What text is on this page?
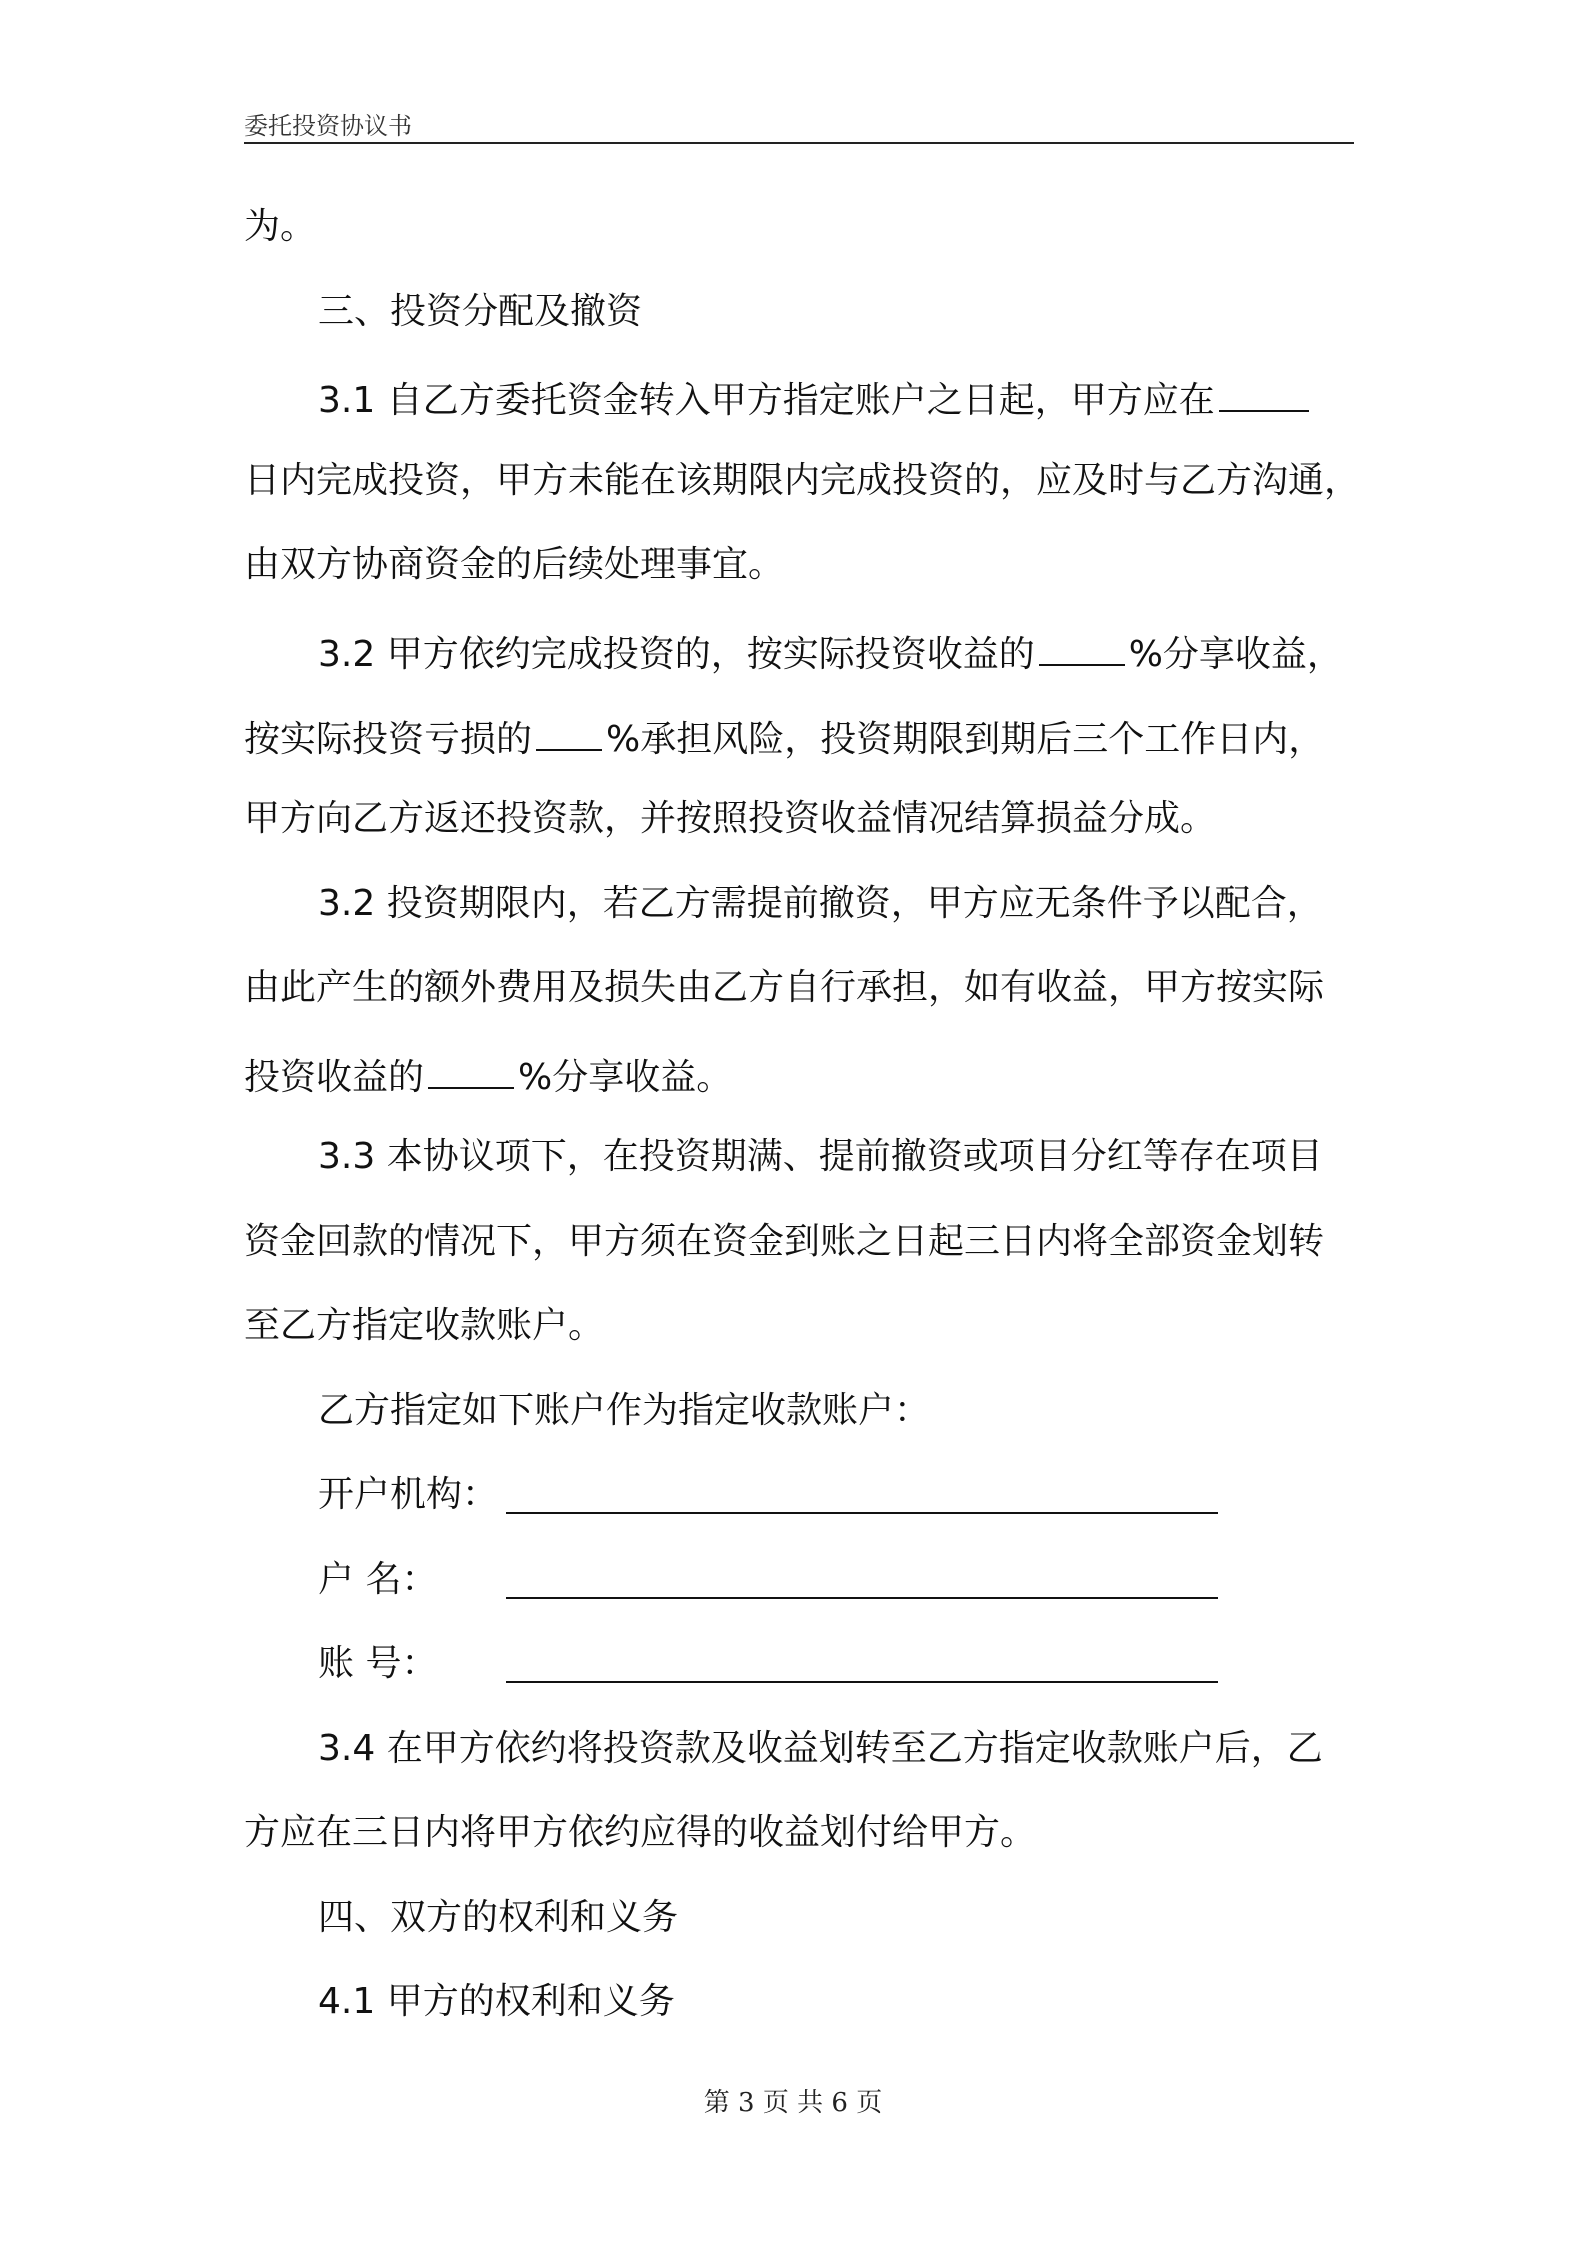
委托投资协议书
为。
三、投资分配及撤资
3.1 自乙方委托资金转入甲方指定账户之日起，甲方应在
日内完成投资，甲方未能在该期限内完成投资的，应及时与乙方沟通，
由双方协商资金的后续处理事宜。
3.2 甲方依约完成投资的，按实际投资收益的	%分享收益，
按实际投资亏损的 %承担风险，投资期限到期后三个工作日内，
甲方向乙方返还投资款，并按照投资收益情况结算损益分成。
3.2 投资期限内，若乙方需提前撤资，甲方应无条件予以配合，
由此产生的额外费用及损失由乙方自行承担，如有收益，甲方按实际
投资收益的	%分享收益。
3.3 本协议项下，在投资期满、提前撤资或项目分红等存在项目
资金回款的情况下，甲方须在资金到账之日起三日内将全部资金划转
至乙方指定收款账户。
乙方指定如下账户作为指定收款账户：
开户机构：
户 名：
账 号：
3.4 在甲方依约将投资款及收益划转至乙方指定收款账户后，乙
方应在三日内将甲方依约应得的收益划付给甲方。
四、双方的权利和义务
4.1 甲方的权利和义务
第 3 页 共 6 页
